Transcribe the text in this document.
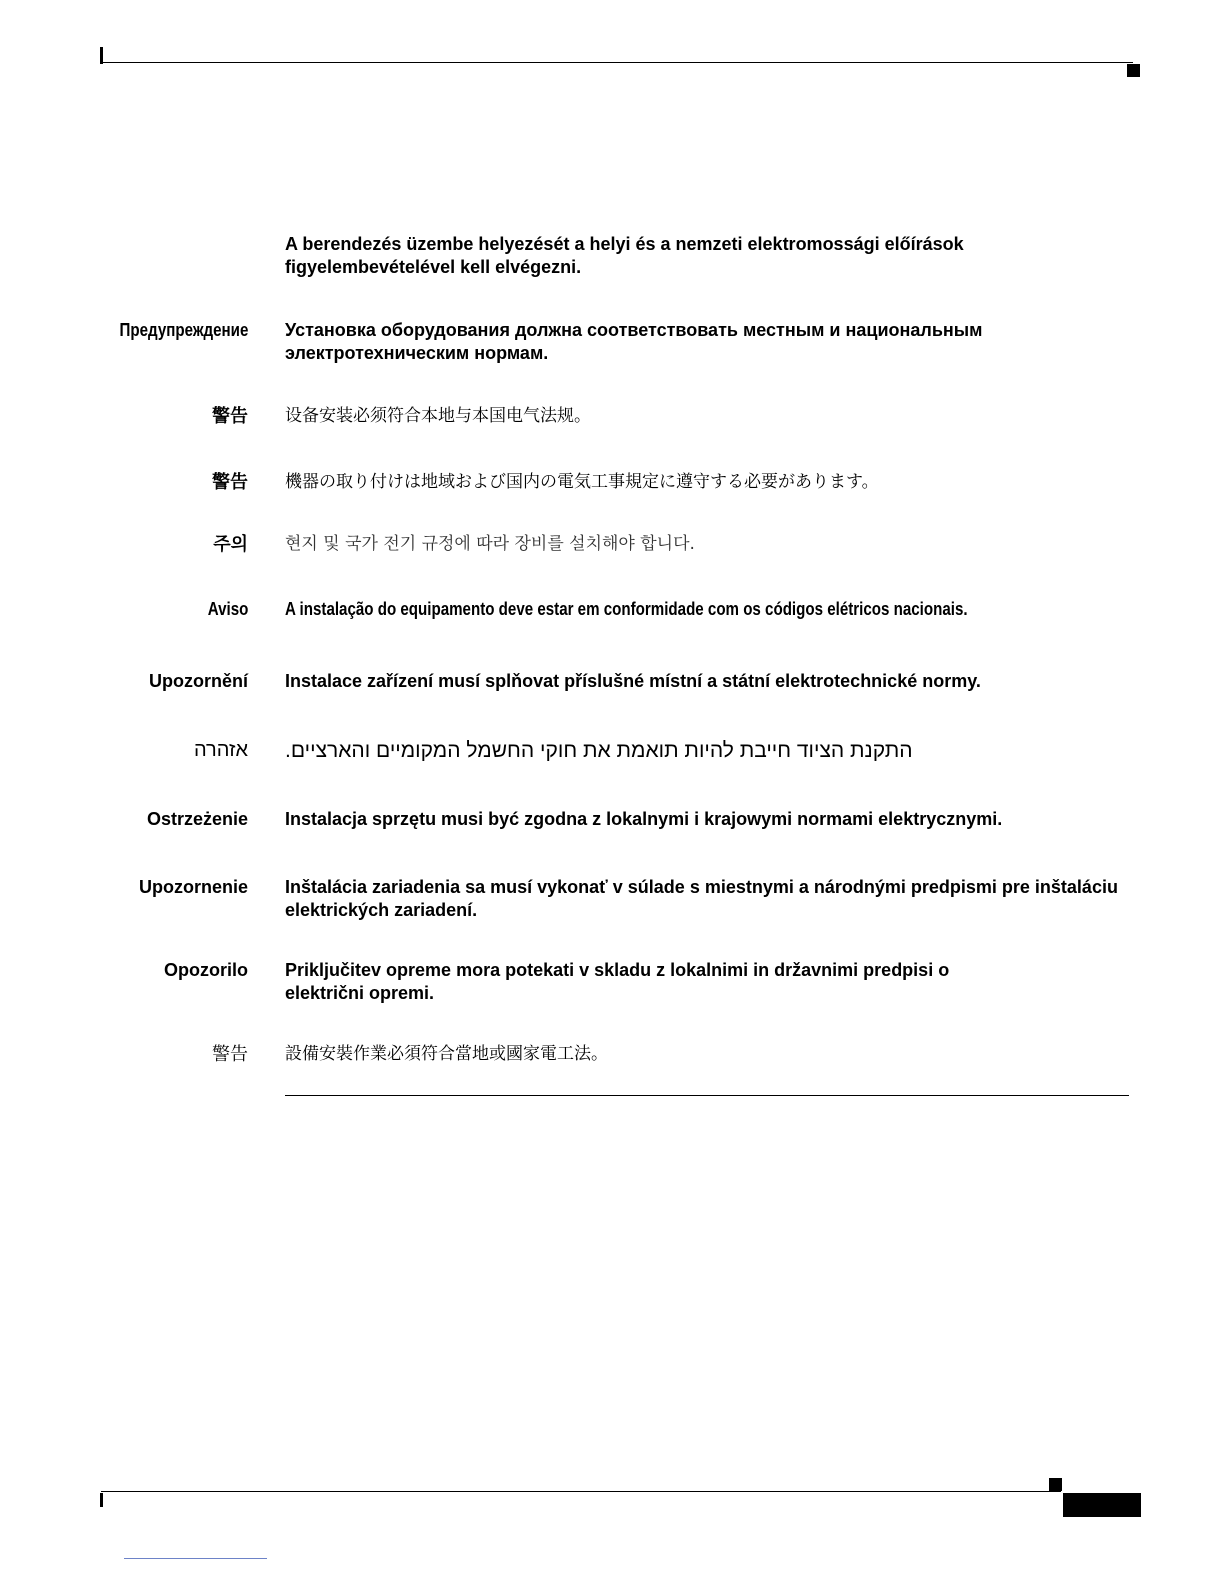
A berendezés üzembe helyezését a helyi és a nemzeti elektromossági előírások figyelembevételével kell elvégezni.
Предупреждение Установка оборудования должна соответствовать местным и национальным электротехническим нормам.
警告 设备安装必须符合本地与本国电气法规。
警告 機器の取り付けは地域および国内の電気工事規定に遵守する必要があります。
주의 현지 및 국가 전기 규정에 따라 장비를 설치해야 합니다.
Aviso A instalação do equipamento deve estar em conformidade com os códigos elétricos nacionais.
Upozornění Instalace zařízení musí splňovat příslušné místní a státní elektrotechnické normy.
אזהרה התקנת הציוד חייבת להיות תואמת את חוקי החשמל המקומיים והארציים.
Ostrzeżenie Instalacja sprzętu musi być zgodna z lokalnymi i krajowymi normami elektrycznymi.
Upozornenie Inštalácia zariadenia sa musí vykonať v súlade s miestnymi a národnými predpismi pre inštaláciu elektrických zariadení.
Opozorilo Priključitev opreme mora potekati v skladu z lokalnimi in državnimi predpisi o električni opremi.
警告 設備安裝作業必須符合當地或國家電工法。
